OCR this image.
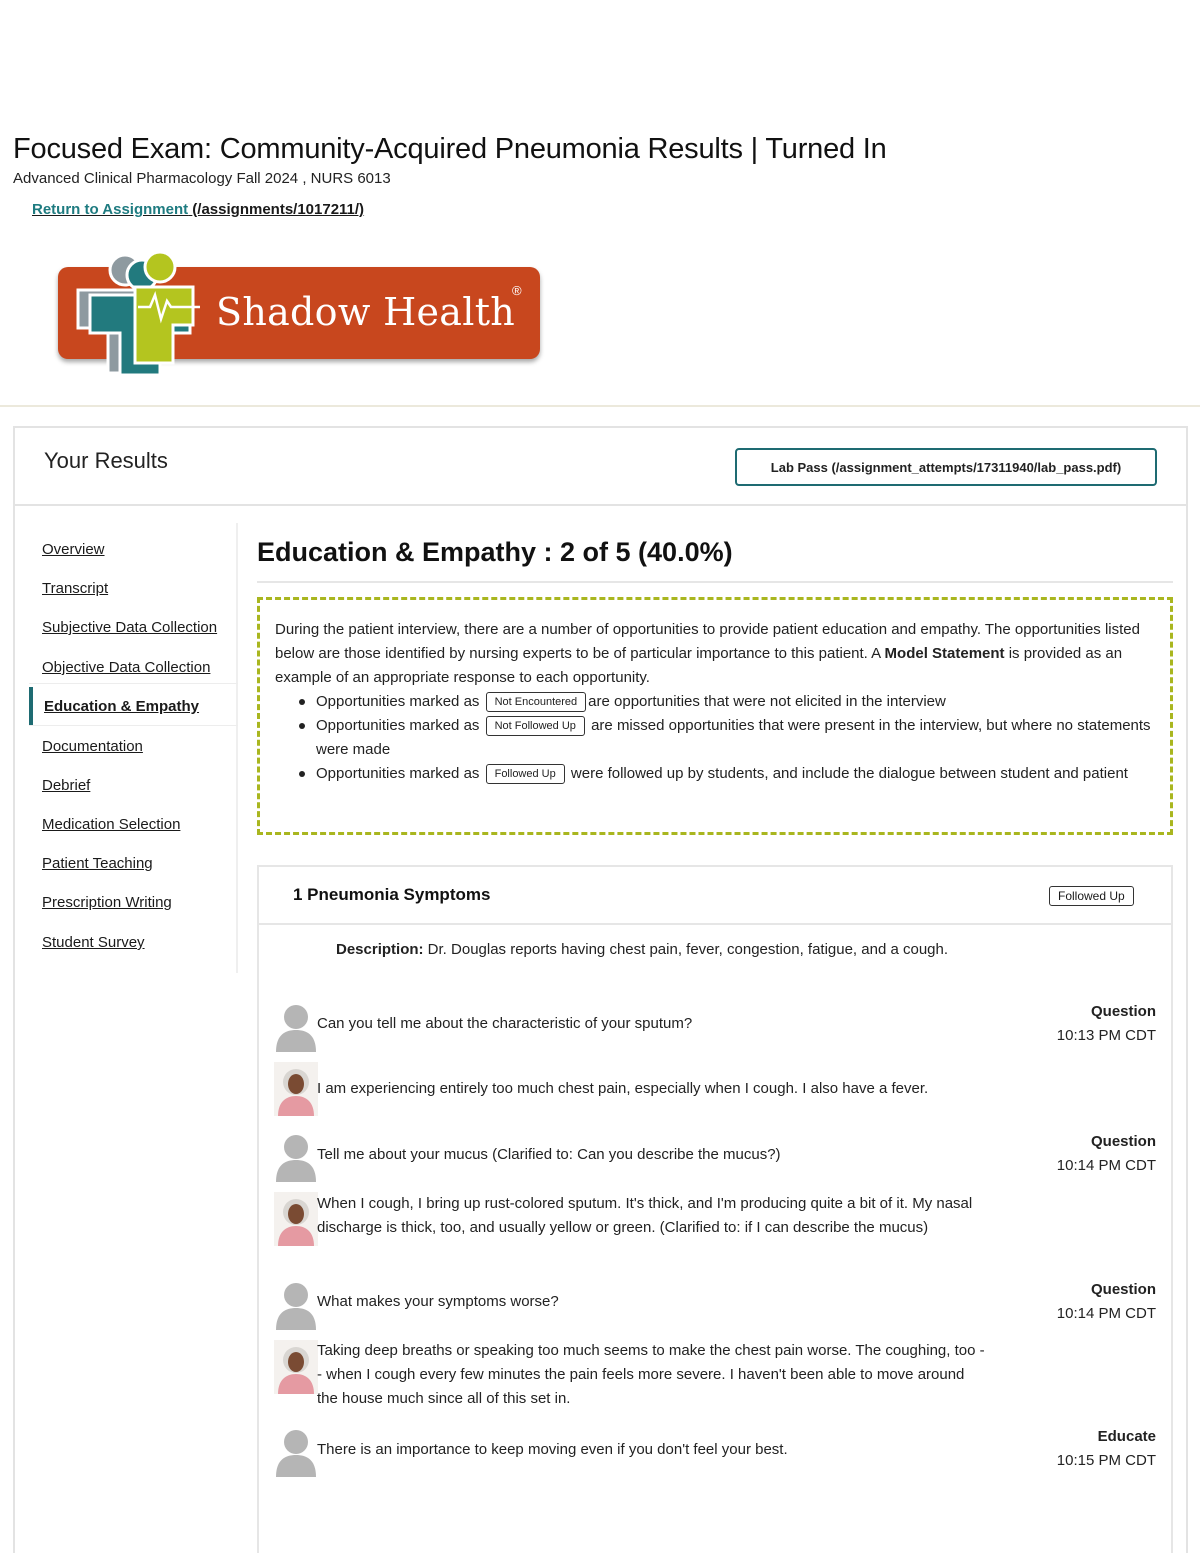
Focused Exam: Community-Acquired Pneumonia Results | Turned In
Advanced Clinical Pharmacology Fall 2024 , NURS 6013
Return to Assignment (/assignments/1017211/)
Shadow Health
®
Your Results	Lab Pass (/assignment_attempts/17311940/lab_pass.pdf)
Overview
Transcript
Subjective Data Collection
Objective Data Collection
Education & Empathy
Documentation
Debrief
Medication Selection
Patient Teaching
Prescription Writing
Student Survey
Education & Empathy : 2 of 5 (40.0%)

During the patient interview, there are a number of opportunities to provide patient education and empathy. The opportunities listed below are those identified by nursing experts to be of particular importance to this patient. A Model Statement is provided as an example of an appropriate response to each opportunity.

Opportunities marked as Not Encountered are opportunities that were not elicited in the interview
Opportunities marked as Not Followed Up are missed opportunities that were present in the interview, but where no statements were made
Opportunities marked as Followed Up were followed up by students, and include the dialogue between student and patient
1 Pneumonia Symptoms	Followed Up
Description: Dr. Douglas reports having chest pain, fever, congestion, fatigue, and a cough.
Can you tell me about the characteristic of your sputum?
Question
10:13 PM CDT
I am experiencing entirely too much chest pain, especially when I cough. I also have a fever.
Tell me about your mucus (Clarified to: Can you describe the mucus?)
Question
10:14 PM CDT
When I cough, I bring up rust-colored sputum. It's thick, and I'm producing quite a bit of it. My nasal discharge is thick, too, and usually yellow or green. (Clarified to: if I can describe the mucus)
What makes your symptoms worse?
Question
10:14 PM CDT
Taking deep breaths or speaking too much seems to make the chest pain worse. The coughing, too -- when I cough every few minutes the pain feels more severe. I haven't been able to move around the house much since all of this set in.
There is an importance to keep moving even if you don't feel your best.
Educate
10:15 PM CDT
